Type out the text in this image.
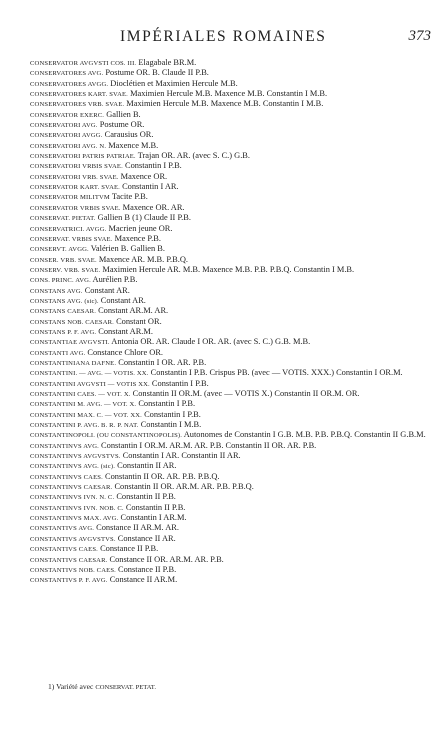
IMPÉRIALES ROMAINES	373

CONSERVATOR AVGVSTI COS. III. Elagabale BR.M.

CONSERVATORES AVG. Postume OR. B. Claude II P.B.

CONSERVATORES AVGG. Dioclétien et Maximien Hercule M.B.

CONSERVATORES KART. SVAE. Maximien Hercule M.B. Maxence M.B. Constantin I M.B.

CONSERVATORES VRB. SVAE. Maximien Hercule M.B. Maxence M.B. Constantin I M.B.

CONSERVATOR EXERC. Gallien B.

CONSERVATORI AVG. Postume OR.

CONSERVATORI AVGG. Carausius OR.

CONSERVATORI AVG. N. Maxence M.B.

CONSERVATORI PATRIS PATRIAE. Trajan OR. AR. (avec S. C.) G.B.

CONSERVATORI VRBIS SVAE. Constantin I P.B.

CONSERVATORI VRB. SVAE. Maxence OR.

CONSERVATOR KART. SVAE. Constantin I AR.

CONSERVATOR MILITVM Tacite P.B.

CONSERVATOR VRBIS SVAE. Maxence OR. AR.

CONSERVAT. PIETAT. Gallien B (1) Claude II P.B.

CONSERVATRICI. AVGG. Macrien jeune OR.

CONSERVAT. VRBIS SVAE. Maxence P.B.

CONSERVT. AVGG. Valérien B. Gallien B.

CONSER. VRB. SVAE. Maxence AR. M.B. P.B.Q.

CONSERV. VRB. SVAE. Maximien Hercule AR. M.B. Maxence M.B. P.B. P.B.Q. Constantin I M.B.

CONS. PRINC. AVG. Aurélien P.B.

CONSTANS AVG. Constant AR.

CONSTANS AVG. (sic). Constant AR.

CONSTANS CAESAR. Constant AR.M. AR.

CONSTANS NOB. CAESAR. Constant OR.

CONSTANS P. F. AVG. Constant AR.M.

CONSTANTIAE AVGVSTI. Antonia OR. AR. Claude I OR. AR. (avec S. C.) G.B. M.B.

CONSTANTI AVG. Constance Chlore OR.

CONSTANTINIANA DAFNE. Constantin I OR. AR. P.B.

CONSTANTINI. — AVG. — VOTIS. XX. Constantin I P.B. Crispus PB. (avec — VOTIS. XXX.) Constantin I OR.M.

CONSTANTINI AVGVSTI — VOTIS XX. Constantin I P.B.

CONSTANTINI CAES. — VOT. X. Constantin II OR.M. (avec — VOTIS X.) Constantin II OR.M. OR.

CONSTANTINI M. AVG. — VOT. X. Constantin I P.B.

CONSTANTINI MAX. C. — VOT. XX. Constantin I P.B.

CONSTANTINI P. AVG. B. R. P. NAT. Constantin I M.B.

CONSTANTINOPOLI. (OU CONSTANTINOPOLIS). Autonomes de Constantin I G.B. M.B. P.B. P.B.Q. Constantin II G.B.M.

CONSTANTINVS AVG. Constantin I OR.M. AR.M. AR. P.B. Constantin II OR. AR. P.B.

CONSTANTINVS AVGVSTVS. Constantin I AR. Constantin II AR.

CONSTANTINVS AVG. (sic). Constantin II AR.

CONSTANTINVS CAES. Constantin II OR. AR. P.B. P.B.Q.

CONSTANTINVS CAESAR. Constantin II OR. AR.M. AR. P.B. P.B.Q.

CONSTANTINVS IVN. N. C. Constantin II P.B.

CONSTANTINVS IVN. NOB. C. Constantin II P.B.

CONSTANTINVS MAX. AVG. Constantin I AR.M.

CONSTANTIVS AVG. Constance II AR.M. AR.

CONSTANTIVS AVGVSTVS. Constance II AR.

CONSTANTIVS CAES. Constance II P.B.

CONSTANTIVS CAESAR. Constance II OR. AR.M. AR. P.B.

CONSTANTIVS NOB. CAES. Constance II P.B.

CONSTANTIVS P. F. AVG. Constance II AR.M.

1) Variété avec CONSERVAT. PETAT.
